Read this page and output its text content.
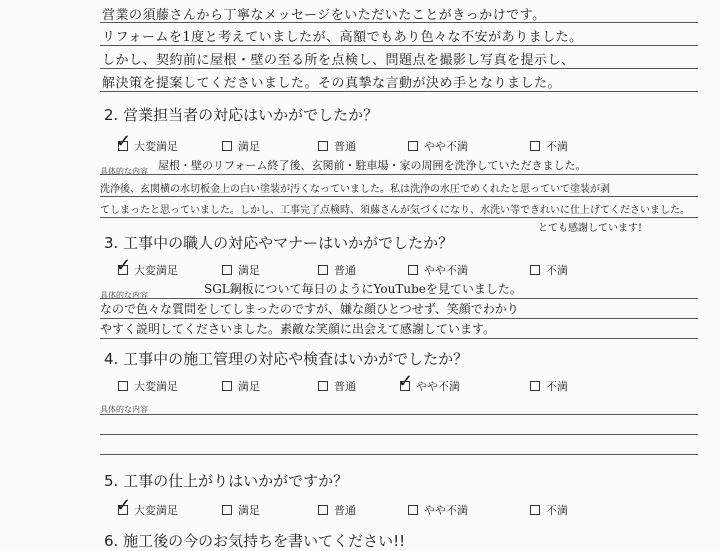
営業の須藤さんから丁寧なメッセージをいただいたことがきっかけです。
リフォームを1度と考えていましたが、高額でもあり色々な不安がありました。
しかし、契約前に屋根・壁の至る所を点検し、問題点を撮影し写真を提示し、
解決策を提案してくださいました。その真摯な言動が決め手となりました。
2. 営業担当者の対応はいかがでしたか？
✓ 大変満足	満足	普通	やや不満	不満
具体的な内容 屋根・壁のリフォーム終了後、玄関前・駐車場・家の周囲を洗浄していただきました。
洗浄後、玄関横の水切板金上の白い塗装が汚くなっていました。私は洗浄の水圧でめくれたと思っていて塗装が剥
てしまったと思っていました。しかし、工事完了点検時、須藤さんが気づくになり、水洗い等できれいに仕上げてくださいました。
とても感謝しています!
3. 工事中の職人の対応やマナーはいかがでしたか？
✓ 大変満足	満足	普通	やや不満	不満
具体的な内容	SGL鋼板について毎日のようにYouTubeを見ていました。
なので色々な質問をしてしまったのですが、嫌な顔ひとつせず、笑顔でわかり
やすく説明してくださいました。素敵な笑顔に出会えて感謝しています。
4. 工事中の施工管理の対応や検査はいかがでしたか？
大変満足	満足	普通 ✓ やや不満	不満
具体的な内容
5. 工事の仕上がりはいかがですか？
✓ 大変満足	満足	普通	やや不満	不満
6. 施工後の今のお気持ちを書いてください!!
